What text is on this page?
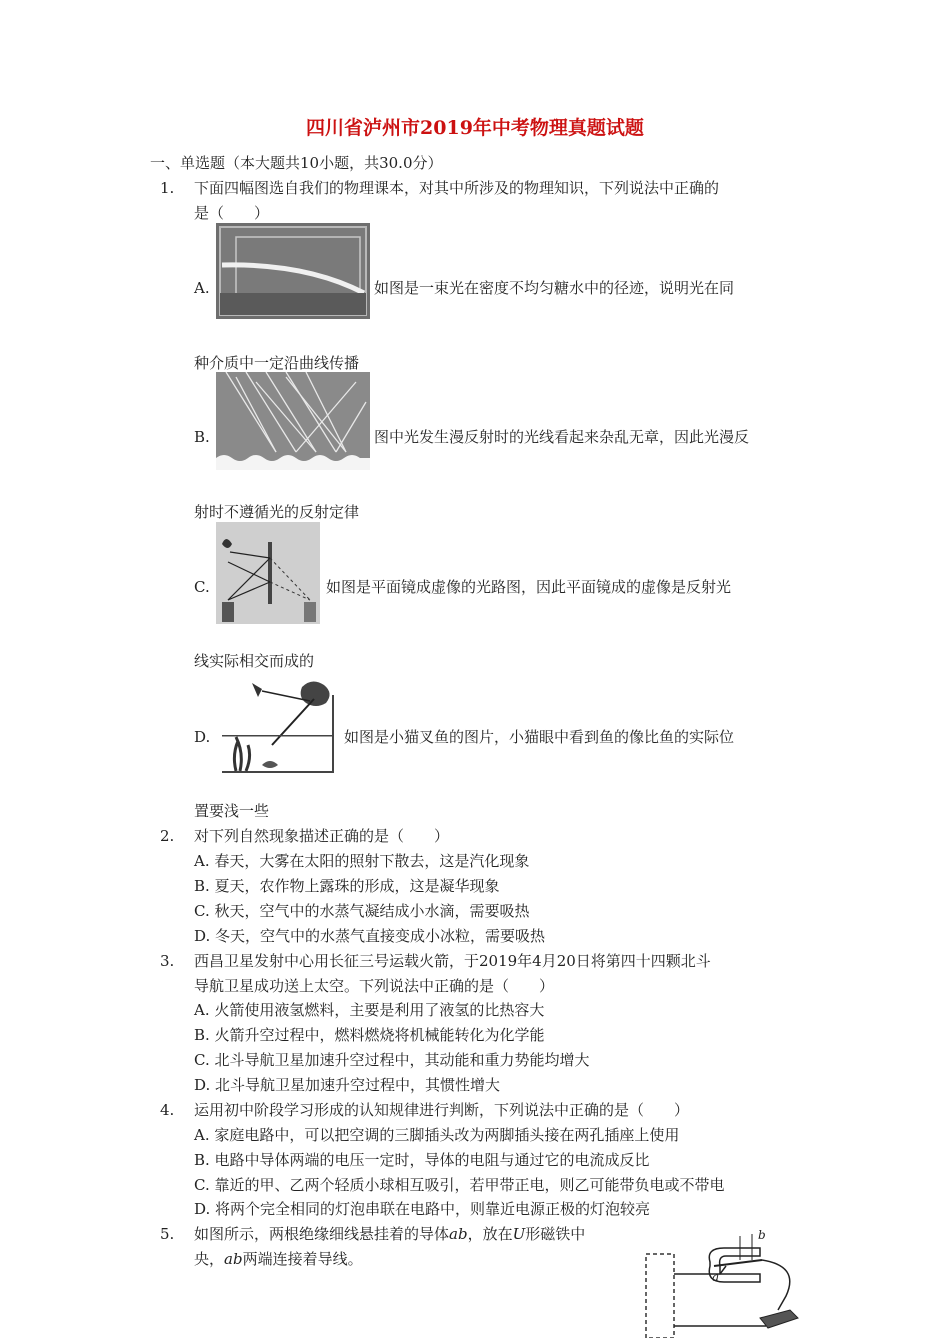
四川省泸州市2019年中考物理真题试题
一、单选题（本大题共10小题，共30.0分）
1. 下面四幅图选自我们的物理课本，对其中所涉及的物理知识，下列说法中正确的
是（　　）
A.	如图是一束光在密度不均匀糖水中的径迹，说明光在同
种介质中一定沿曲线传播
B.	图中光发生漫反射时的光线看起来杂乱无章，因此光漫反
射时不遵循光的反射定律
C.	如图是平面镜成虚像的光路图，因此平面镜成的虚像是反射光
线实际相交而成的
D.	如图是小猫叉鱼的图片，小猫眼中看到鱼的像比鱼的实际位
置要浅一些
2. 对下列自然现象描述正确的是（　　）
A. 春天，大雾在太阳的照射下散去，这是汽化现象
B. 夏天，农作物上露珠的形成，这是凝华现象
C. 秋天，空气中的水蒸气凝结成小水滴，需要吸热
D. 冬天，空气中的水蒸气直接变成小冰粒，需要吸热
3. 西昌卫星发射中心用长征三号运载火箭，于2019年4月20日将第四十四颗北斗
导航卫星成功送上太空。下列说法中正确的是（　　）
A. 火箭使用液氢燃料，主要是利用了液氢的比热容大
B. 火箭升空过程中，燃料燃烧将机械能转化为化学能
C. 北斗导航卫星加速升空过程中，其动能和重力势能均增大
D. 北斗导航卫星加速升空过程中，其惯性增大
4. 运用初中阶段学习形成的认知规律进行判断，下列说法中正确的是（　　）
A. 家庭电路中，可以把空调的三脚插头改为两脚插头接在两孔插座上使用
B. 电路中导体两端的电压一定时，导体的电阻与通过它的电流成反比
C. 靠近的甲、乙两个轻质小球相互吸引，若甲带正电，则乙可能带负电或不带电
D. 将两个完全相同的灯泡串联在电路中，则靠近电源正极的灯泡较亮
5. 如图所示，两根绝缘细线悬挂着的导体ab，放在U形磁铁中
央，ab两端连接着导线。
b
a
